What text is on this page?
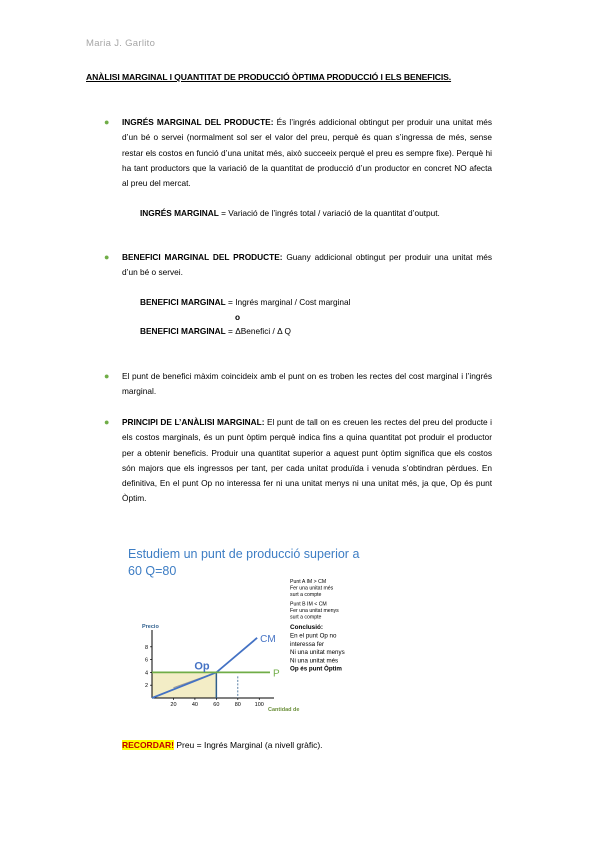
Maria J. Garlito
ANÀLISI MARGINAL I QUANTITAT DE PRODUCCIÓ ÒPTIMA PRODUCCIÓ I ELS BENEFICIS.
● INGRÉS MARGINAL DEL PRODUCTE: És l’ingrés addicional obtingut per produir una unitat més d’un bé o servei (normalment sol ser el valor del preu, perquè és quan s’ingressa de més, sense restar els costos en funció d’una unitat més, això succeeix perquè el preu es sempre fixe). Perquè hi ha tant productors que la variació de la quantitat de producció d’un productor en concret NO afecta al preu del mercat.
INGRÉS MARGINAL = Variació de l’ingrés total / variació de la quantitat d’output.
● BENEFICI MARGINAL DEL PRODUCTE: Guany addicional obtingut per produir una unitat més d’un bé o servei.
BENEFICI MARGINAL = Ingrés marginal / Cost marginal
o
BENEFICI MARGINAL = ΔBenefici / Δ Q
● El punt de benefici màxim coincideix amb el punt on es troben les rectes del cost marginal i l’ingrés marginal.
● PRINCIPI DE L’ANÀLISI MARGINAL: El punt de tall on es creuen les rectes del preu del producte i els costos marginals, és un punt òptim perquè indica fins a quina quantitat pot produir el productor per a obtenir beneficis. Produir una quantitat superior a aquest punt òptim significa que els costos són majors que els ingressos per tant, per cada unitat produïda i venuda s’obtindran pèrdues. En definitiva, En el punt Op no interessa fer ni una unitat menys ni una unitat més, ja que, Op és punt Òptim.
Estudiem un punt de producció superior a 60 Q=80
2
4
6
8
20	40	60	80	100
Precio
Cantidad de
CM
P
Op
Punt A IM > CM
Fer una unitat més
surt a compte
Punt B IM < CM
Fer una unitat menys
surt a compte
Conclusió:
En el punt Op no
interessa fer
Ni una unitat menys
Ni una unitat més
Op és punt Òptim
RECORDAR! Preu = Ingrés Marginal (a nivell gràfic).
